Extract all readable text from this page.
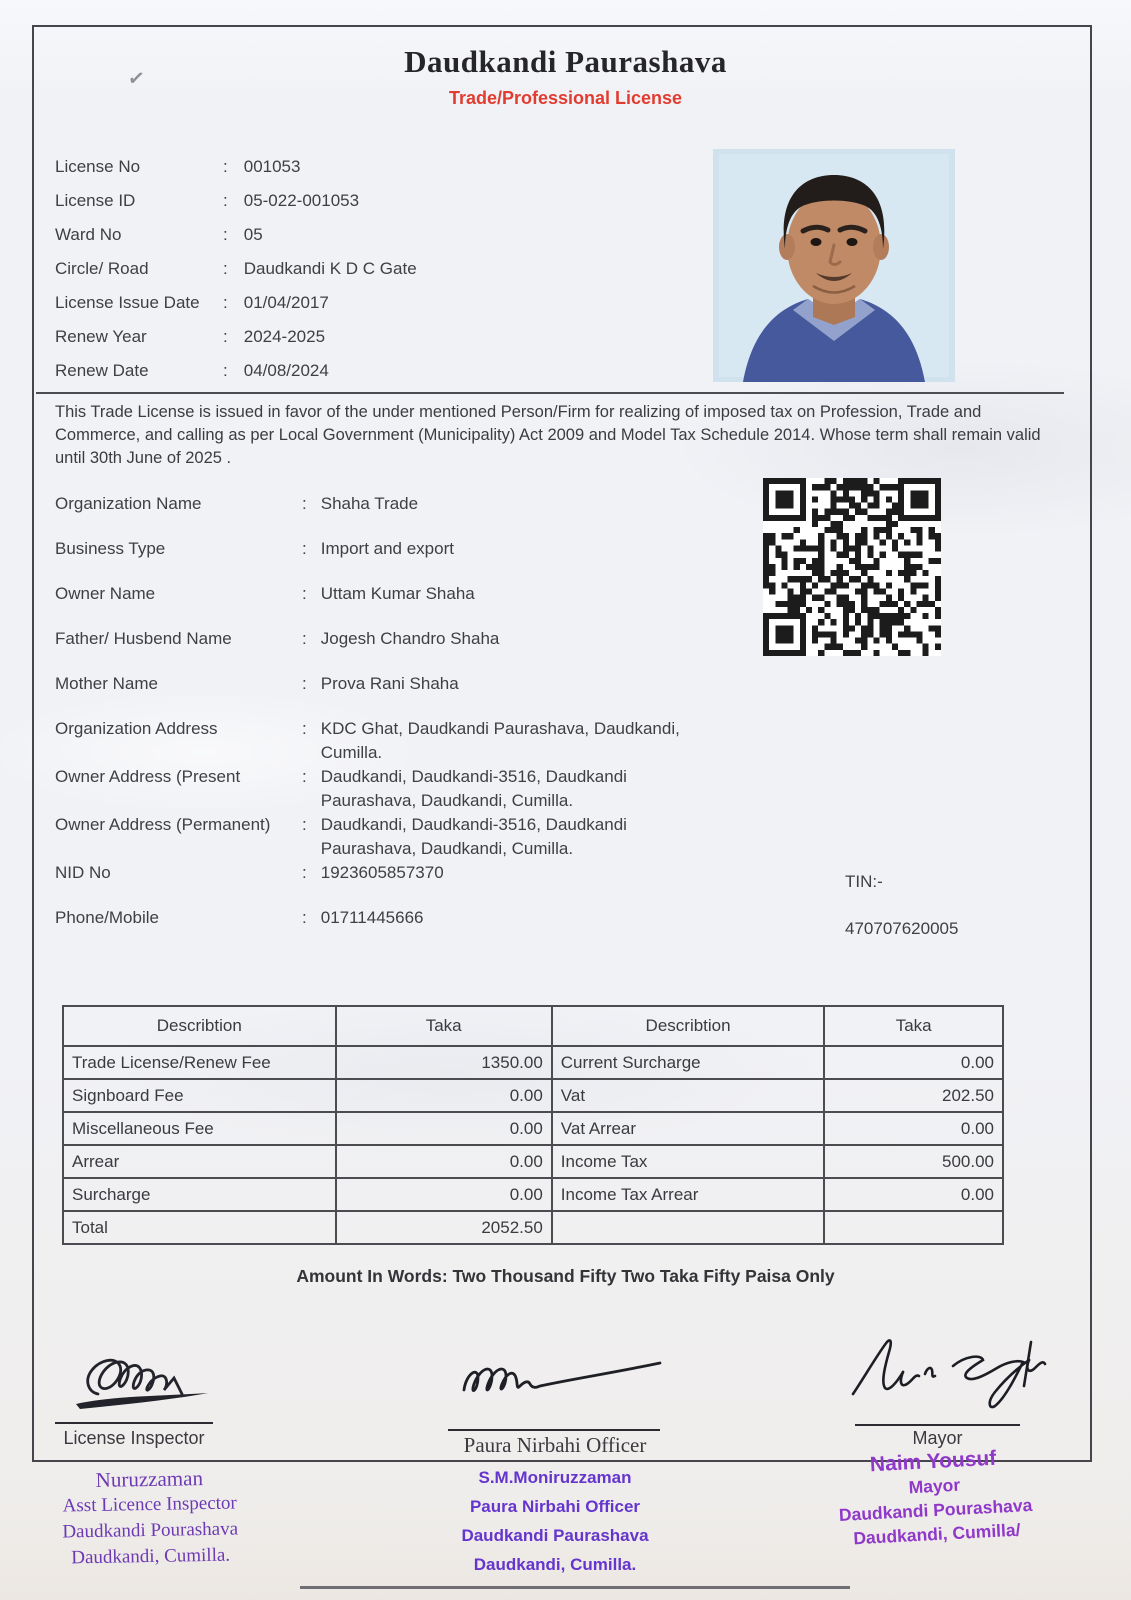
✓	Daudkandi Paurashava
Trade/Professional License
License No :	001053
License ID :	05-022-001053
Ward No :	05
Circle/ Road :	Daudkandi K D C Gate
License Issue Date :	01/04/2017
Renew Year :	2024-2025
Renew Date :	04/08/2024

This Trade License is issued in favor of the under mentioned Person/Firm for realizing of imposed tax on Profession, Trade and Commerce, and calling as per Local Government (Municipality) Act 2009 and Model Tax Schedule 2014. Whose term shall remain valid until 30th June of 2025 .

Organization Name :	Shaha Trade
Business Type :	Import and export
Owner Name :	Uttam Kumar Shaha
Father/ Husbend Name :	Jogesh Chandro Shaha
Mother Name :	Prova Rani Shaha
Organization Address :	KDC Ghat, Daudkandi Paurashava, Daudkandi, Cumilla.
Owner Address (Present :	Daudkandi, Daudkandi-3516, Daudkandi Paurashava, Daudkandi, Cumilla.
Owner Address (Permanent) :	Daudkandi, Daudkandi-3516, Daudkandi Paurashava, Daudkandi, Cumilla.
NID No :	1923605857370
Phone/Mobile :	01711445666
TIN:-
470707620005
Describtion	Taka	Describtion	Taka
Trade License/Renew Fee	1350.00	Current Surcharge	0.00
Signboard Fee	0.00	Vat	202.50
Miscellaneous Fee	0.00	Vat Arrear	0.00
Arrear	0.00	Income Tax	500.00
Surcharge	0.00	Income Tax Arrear	0.00
Total	2052.50		
Amount In Words: Two Thousand Fifty Two Taka Fifty Paisa Only
License Inspector	Paura Nirbahi Officer	Mayor
Nuruzzaman
Asst Licence Inspector
Daudkandi Pourashava
Daudkandi, Cumilla.
S.M.Moniruzzaman
Paura Nirbahi Officer
Daudkandi Paurashava
Daudkandi, Cumilla.
Naim Yousuf
Mayor
Daudkandi Pourashava
Daudkandi, Cumilla/
